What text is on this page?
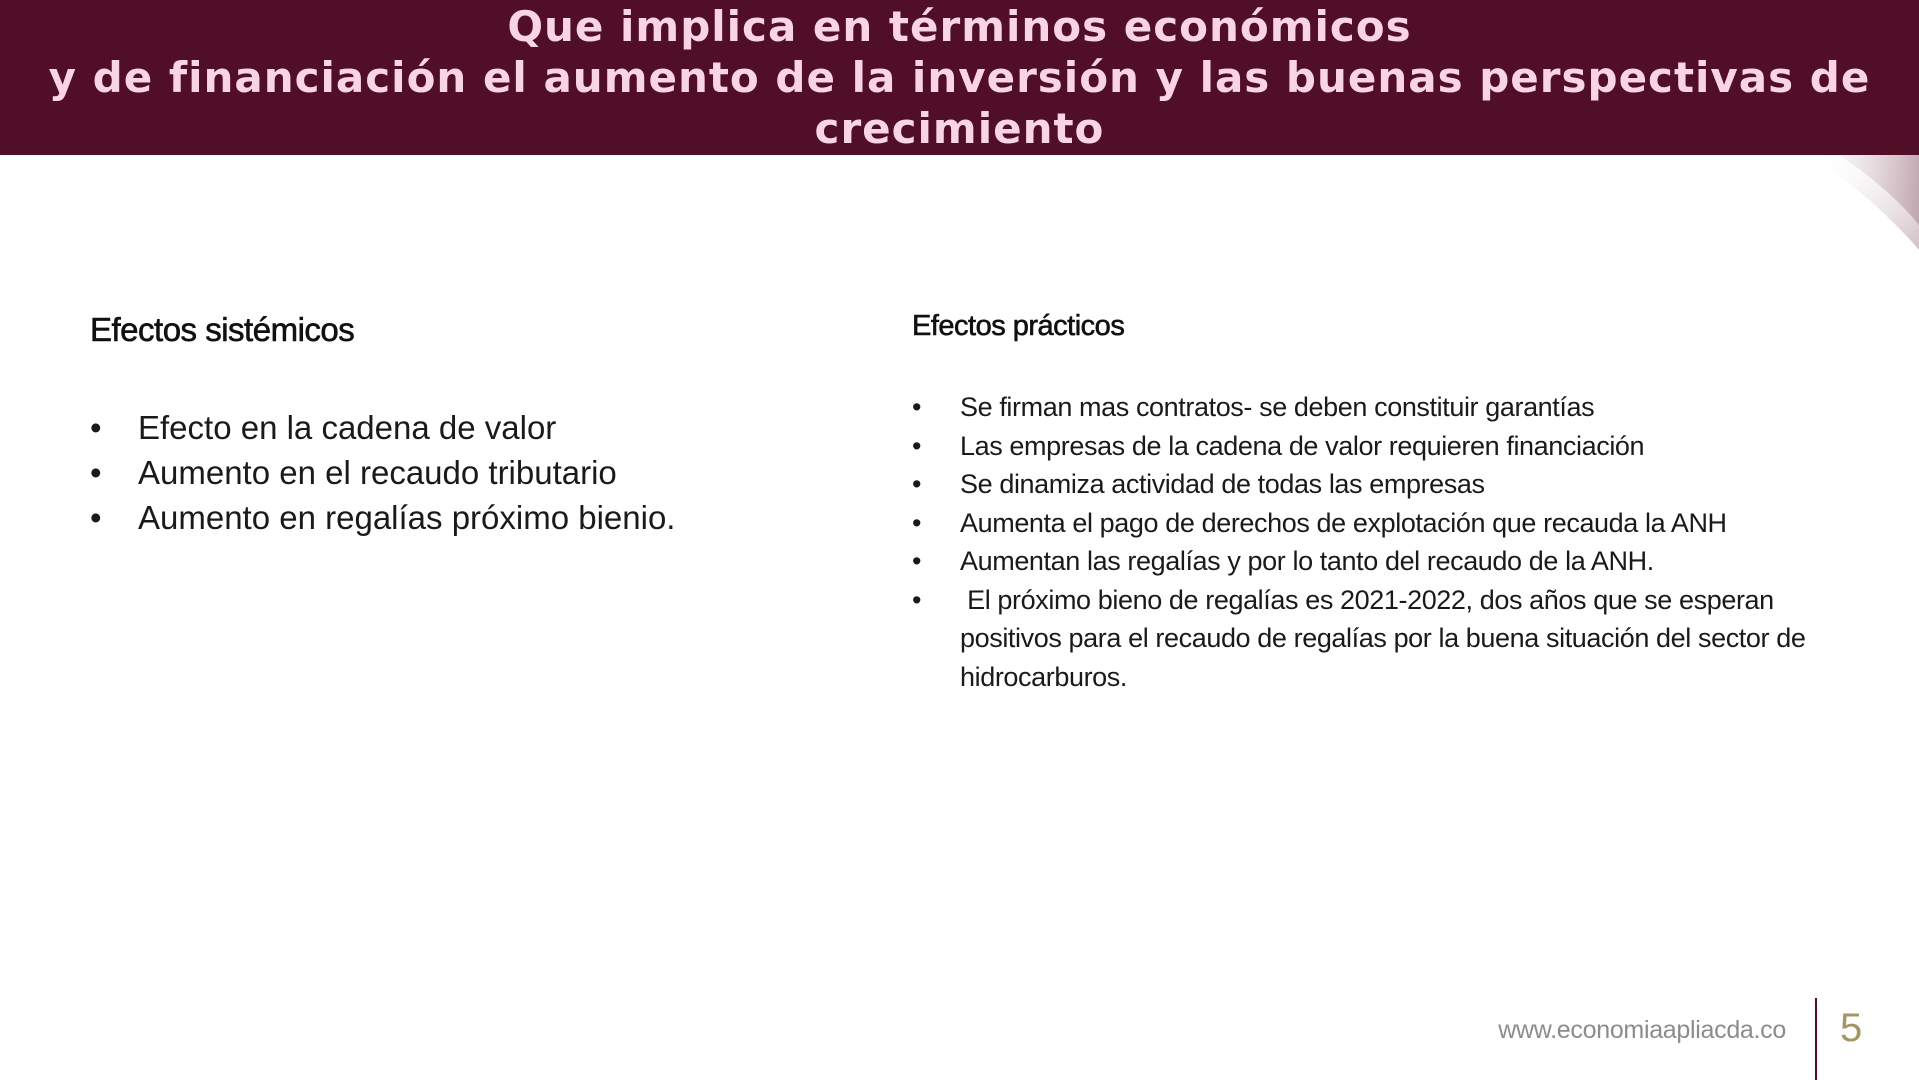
Que implica en términos económicos
y de financiación el aumento de la inversión y las buenas perspectivas de
crecimiento
Efectos sistémicos
• Efecto en la cadena de valor
• Aumento en el recaudo tributario
• Aumento en regalías próximo bienio.
Efectos prácticos
• Se firman mas contratos- se deben constituir garantías
• Las empresas de la cadena de valor requieren financiación
• Se dinamiza actividad de todas las empresas
• Aumenta el pago de derechos de explotación que recauda la ANH
• Aumentan las regalías y por lo tanto del recaudo de la ANH.
• El próximo bieno de regalías es 2021-2022, dos años que se esperan positivos para el recaudo de regalías por la buena situación del sector de hidrocarburos.
www.economiaapliacda.co 5
